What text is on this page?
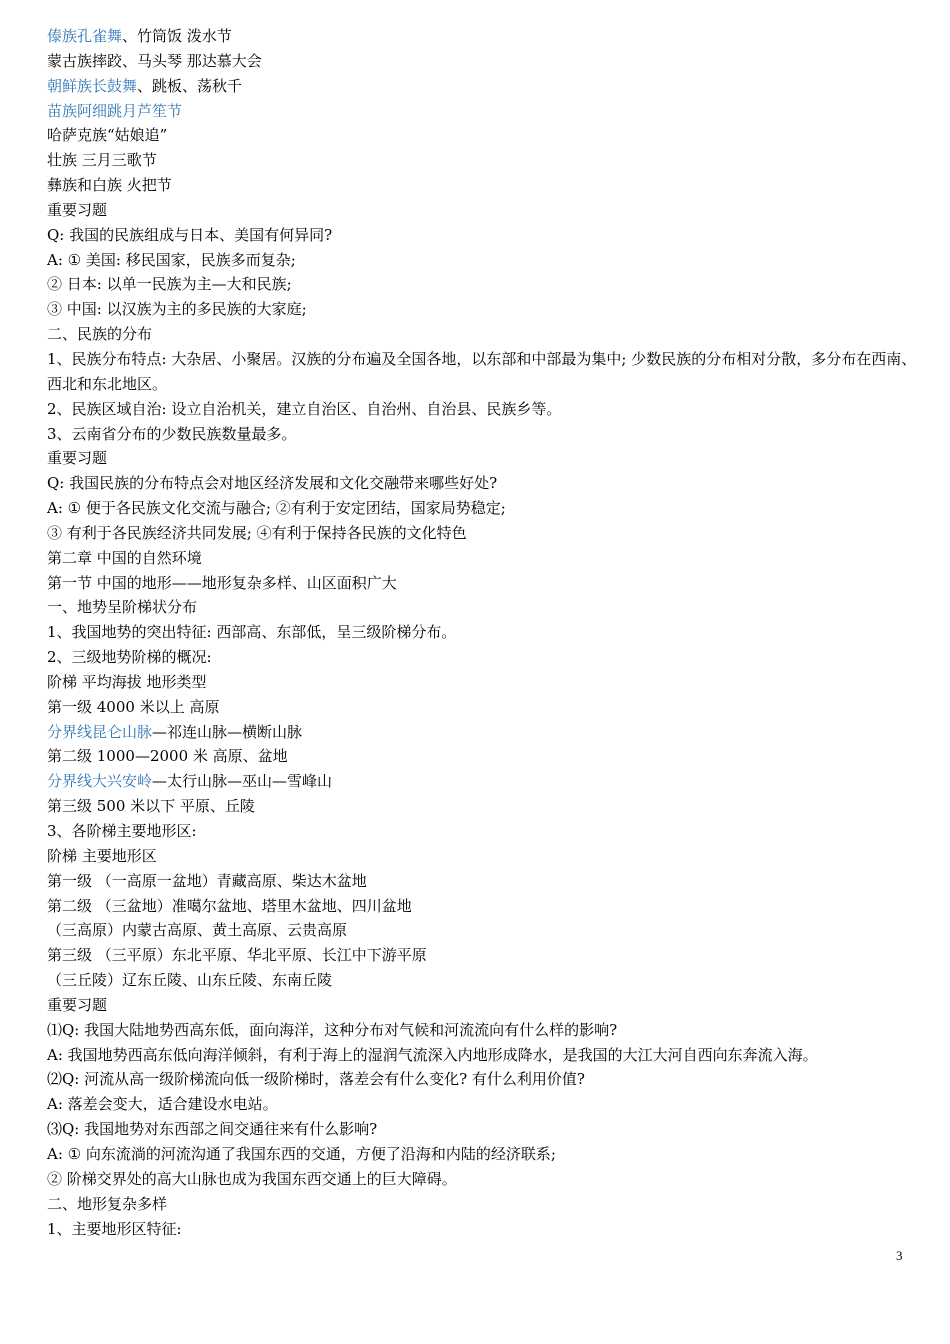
傣族孔雀舞、竹筒饭 泼水节
蒙古族摔跤、马头琴 那达慕大会
朝鲜族长鼓舞、跳板、荡秋千
苗族阿细跳月芦笙节
哈萨克族“姑娘追”
壮族 三月三歌节
彝族和白族 火把节
重要习题
Q: 我国的民族组成与日本、美国有何异同?
A: ① 美国: 移民国家，民族多而复杂;
② 日本: 以单一民族为主—大和民族;
③ 中国: 以汉族为主的多民族的大家庭;
二、民族的分布
1、民族分布特点: 大杂居、小聚居。汉族的分布遍及全国各地，以东部和中部最为集中; 少数民族的分布相对分散，多分布在西南、西北和东北地区。
2、民族区域自治: 设立自治机关，建立自治区、自治州、自治县、民族乡等。
3、云南省分布的少数民族数量最多。
重要习题
Q: 我国民族的分布特点会对地区经济发展和文化交融带来哪些好处?
A: ① 便于各民族文化交流与融合; ②有利于安定团结，国家局势稳定;
③ 有利于各民族经济共同发展; ④有利于保持各民族的文化特色
第二章 中国的自然环境
第一节 中国的地形——地形复杂多样、山区面积广大
一、地势呈阶梯状分布
1、我国地势的突出特征: 西部高、东部低，呈三级阶梯分布。
2、三级地势阶梯的概况:
阶梯 平均海拔 地形类型
第一级 4000 米以上 高原
分界线昆仑山脉—祁连山脉—横断山脉
第二级 1000—2000 米 高原、盆地
分界线大兴安岭—太行山脉—巫山—雪峰山
第三级 500 米以下 平原、丘陵
3、各阶梯主要地形区:
阶梯 主要地形区
第一级 （一高原一盆地）青藏高原、柴达木盆地
第二级 （三盆地）准噶尔盆地、塔里木盆地、四川盆地
（三高原）内蒙古高原、黄土高原、云贵高原
第三级 （三平原）东北平原、华北平原、长江中下游平原
（三丘陵）辽东丘陵、山东丘陵、东南丘陵
重要习题
⑴Q: 我国大陆地势西高东低，面向海洋，这种分布对气候和河流流向有什么样的影响?
A: 我国地势西高东低向海洋倾斜，有利于海上的湿润气流深入内地形成降水，是我国的大江大河自西向东奔流入海。
⑵Q: 河流从高一级阶梯流向低一级阶梯时，落差会有什么变化? 有什么利用价值?
A: 落差会变大，适合建设水电站。
⑶Q: 我国地势对东西部之间交通往来有什么影响?
A: ① 向东流淌的河流沟通了我国东西的交通，方便了沿海和内陆的经济联系;
② 阶梯交界处的高大山脉也成为我国东西交通上的巨大障碍。
二、地形复杂多样
1、主要地形区特征:
3
